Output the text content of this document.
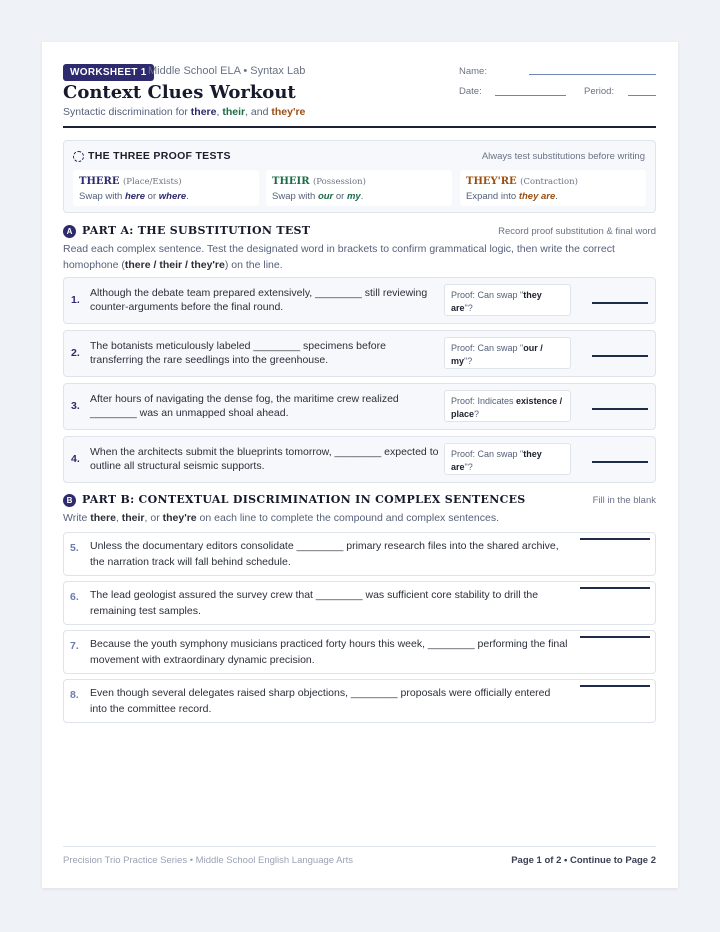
WORKSHEET 1 Middle School ELA • Syntax Lab	Name:
Date:	Period:
Context Clues Workout
Syntactic discrimination for there, their, and they're
THE THREE PROOF TESTS	Always test substitutions before writing
THERE (Place/Exists)
Swap with here or where.
THEIR (Possession)
Swap with our or my.
THEY'RE (Contraction)
Expand into they are.
A PART A: THE SUBSTITUTION TEST	Record proof substitution & final word
Read each complex sentence. Test the designated word in brackets to confirm grammatical logic, then write the correct homophone (there / their / they're) on the line.
1.
Although the debate team prepared extensively, ________ still reviewing counter-arguments before the final round.
Proof: Can swap "they are"?
2.
The botanists meticulously labeled ________ specimens before transferring the rare seedlings into the greenhouse.
Proof: Can swap "our / my"?
3.
After hours of navigating the dense fog, the maritime crew realized ________ was an unmapped shoal ahead.
Proof: Indicates existence / place?
4.
When the architects submit the blueprints tomorrow, ________ expected to outline all structural seismic supports.
Proof: Can swap "they are"?
B PART B: CONTEXTUAL DISCRIMINATION IN COMPLEX SENTENCES	Fill in the blank
Write there, their, or they're on each line to complete the compound and complex sentences.
5. Unless the documentary editors consolidate ________ primary research files into the shared archive, the narration track will fall behind schedule.
6. The lead geologist assured the survey crew that ________ was sufficient core stability to drill the remaining test samples.
7. Because the youth symphony musicians practiced forty hours this week, ________ performing the final movement with extraordinary dynamic precision.
8. Even though several delegates raised sharp objections, ________ proposals were officially entered into the committee record.
Precision Trio Practice Series • Middle School English Language Arts	Page 1 of 2 • Continue to Page 2
